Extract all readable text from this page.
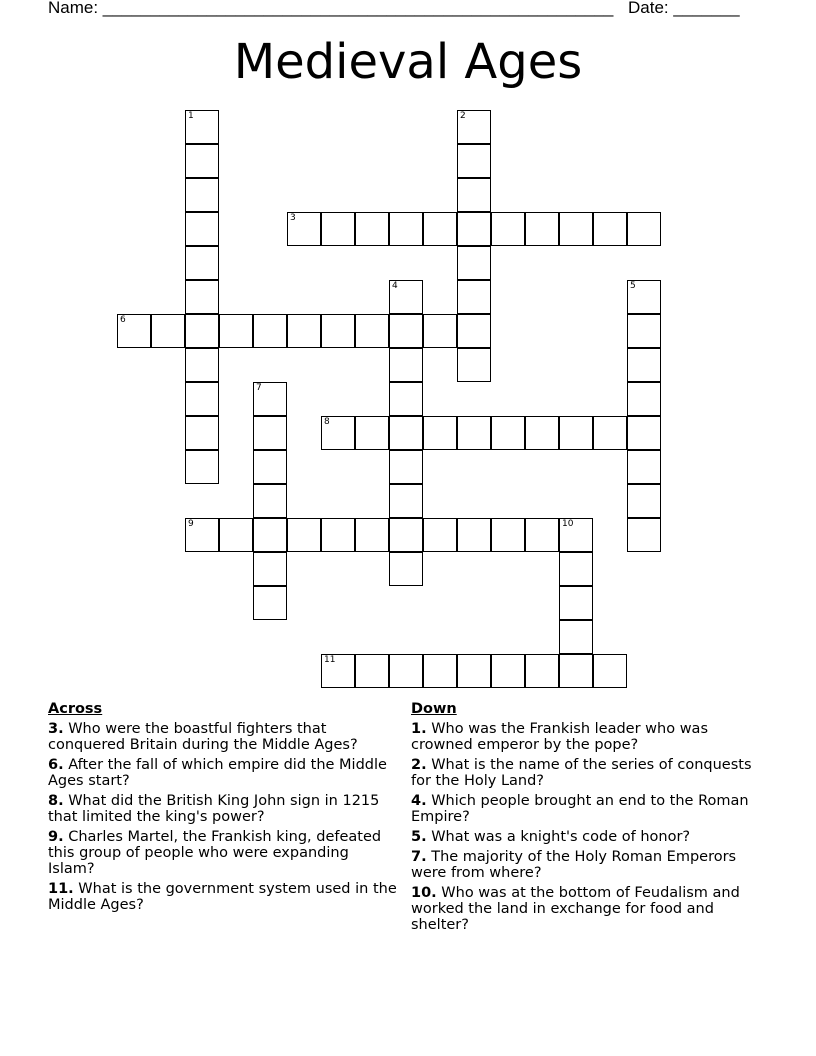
Name: ______________________________________________________ Date: _______
Medieval Ages
1	2
3
4	5
6
7
8
9	10
11
Across
3. Who were the boastful fighters that conquered Britain during the Middle Ages?
6. After the fall of which empire did the Middle Ages start?
8. What did the British King John sign in 1215 that limited the king's power?
9. Charles Martel, the Frankish king, defeated this group of people who were expanding Islam?
11. What is the government system used in the Middle Ages?
Down
1. Who was the Frankish leader who was crowned emperor by the pope?
2. What is the name of the series of conquests for the Holy Land?
4. Which people brought an end to the Roman Empire?
5. What was a knight's code of honor?
7. The majority of the Holy Roman Emperors were from where?
10. Who was at the bottom of Feudalism and worked the land in exchange for food and shelter?
